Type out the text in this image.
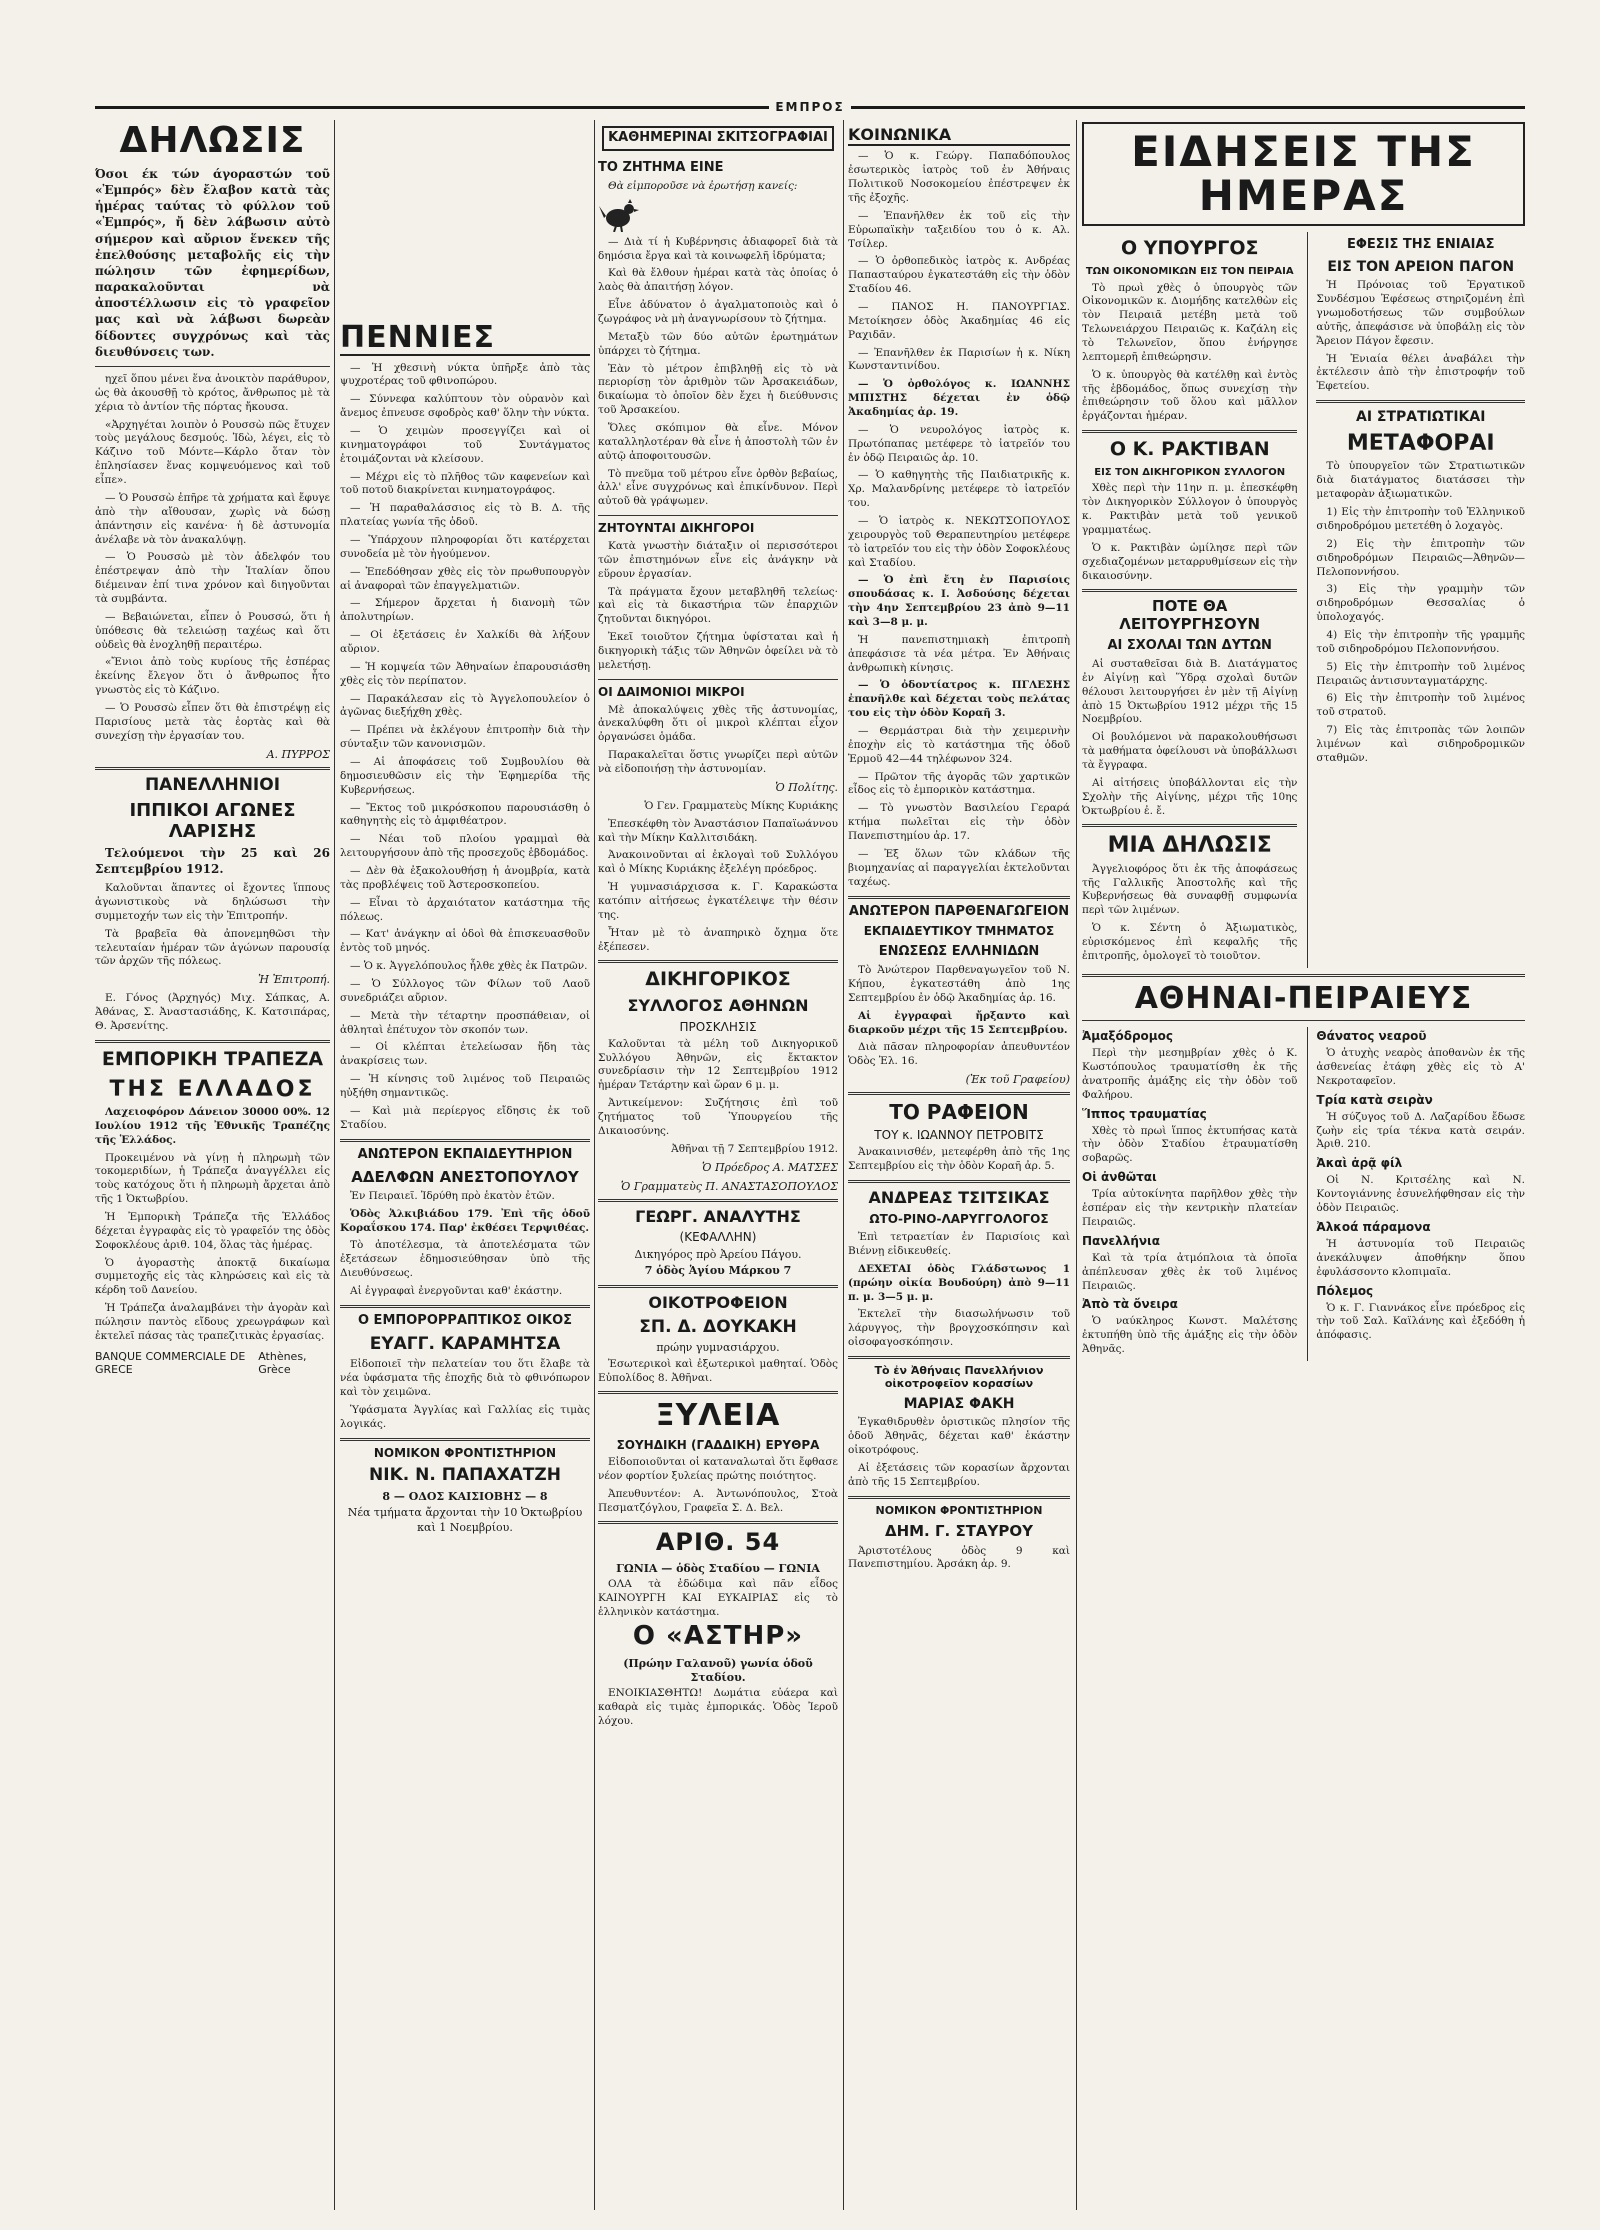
ΕΜΠΡΟΣ
ΔΗΛΩΣΙΣ
Όσοι έκ τών άγοραστών τοῦ «Ἐμπρός» δὲν ἔλαβον κατὰ τὰς ἡμέρας ταύτας τὸ φύλλον τοῦ «Ἐμπρός», ἤ δὲν λάβωσιν αὐτὸ σήμερον καὶ αὔριον ἕνεκεν τῆς ἐπελθούσης μεταβολῆς εἰς τὴν πώλησιν τῶν ἐφημερίδων, παρακαλοῦνται νὰ ἀποστέλλωσιν εἰς τὸ γραφεῖον μας καὶ νὰ λάβωσι δωρεὰν δίδοντες συγχρόνως καὶ τὰς διευθύνσεις των.

ηχεῖ ὅπου μένει ἕνα ἀνοικτὸν παράθυρον, ὡς θὰ ἀκουσθῇ τὸ κρότος, ἄνθρωπος μὲ τὰ χέρια τὸ ἀντίον τῆς πόρτας ἤκουσα.

«Ἀρχηγέται λοιπὸν ὁ Ρουσσὼ πῶς ἔτυχεν τοὺς μεγάλους δεσμούς. Ἰδὼ, λέγει, εἰς τὸ Κάζινο τοῦ Μόντε—Κάρλο ὅταν τὸν ἐπλησίασεν ἕνας κομψευόμενος καὶ τοῦ εἶπε».

— Ὁ Ρουσσὼ ἐπῆρε τὰ χρήματα καὶ ἔφυγε ἀπὸ τὴν αἴθουσαν, χωρὶς νὰ δώσῃ ἀπάντησιν εἰς κανένα· ἡ δὲ ἀστυνομία ἀνέλαβε νὰ τὸν ἀνακαλύψῃ.

— Ὁ Ρουσσὼ μὲ τὸν ἀδελφόν του ἐπέστρεψαν ἀπὸ τὴν Ἰταλίαν ὅπου διέμειναν ἐπί τινα χρόνον καὶ διηγοῦνται τὰ συμβάντα.

— Βεβαιώνεται, εἶπεν ὁ Ρουσσώ, ὅτι ἡ ὑπόθεσις θὰ τελειώσῃ ταχέως καὶ ὅτι οὐδεὶς θὰ ἐνοχληθῇ περαιτέρω.

«Ἔνιοι ἀπὸ τοὺς κυρίους τῆς ἑσπέρας ἐκείνης ἔλεγον ὅτι ὁ ἄνθρωπος ἦτο γνωστὸς εἰς τὸ Κάζινο.

— Ὁ Ρουσσὼ εἶπεν ὅτι θὰ ἐπιστρέψῃ εἰς Παρισίους μετὰ τὰς ἑορτὰς καὶ θὰ συνεχίσῃ τὴν ἐργασίαν του.

Α. ΠΥΡΡΟΣ
ΠΑΝΕΛΛΗΝΙΟΙ
ΙΠΠΙΚΟΙ ΑΓΩΝΕΣ ΛΑΡΙΣΗΣ

Τελούμενοι τὴν 25 καὶ 26 Σεπτεμβρίου 1912.

Καλοῦνται ἅπαντες οἱ ἔχοντες ἵππους ἀγωνιστικοὺς νὰ δηλώσωσι τὴν συμμετοχήν των εἰς τὴν Ἐπιτροπήν.

Τὰ βραβεῖα θὰ ἀπονεμηθῶσι τὴν τελευταίαν ἡμέραν τῶν ἀγώνων παρουσίᾳ τῶν ἀρχῶν τῆς πόλεως.

Ἡ Ἐπιτροπή.

Ε. Γόνος (Ἀρχηγός) Μιχ. Σάπκας, Α. Ἀθάνας, Σ. Ἀναστασιάδης, Κ. Κατσιπάρας, Θ. Ἀρσενίτης.

ΕΜΠΟΡΙΚΗ ΤΡΑΠΕΖΑ
ΤΗΣ ΕΛΛΑΔΟΣ

Λαχειοφόρον Δάνειον 30000 00%. 12 Ιουλίου 1912 τῆς Ἐθνικῆς Τραπέζης τῆς Ἑλλάδος.

Προκειμένου νὰ γίνῃ ἡ πληρωμὴ τῶν τοκομεριδίων, ἡ Τράπεζα ἀναγγέλλει εἰς τοὺς κατόχους ὅτι ἡ πληρωμὴ ἄρχεται ἀπὸ τῆς 1 Ὀκτωβρίου.

Ἡ Ἐμπορικὴ Τράπεζα τῆς Ἑλλάδος δέχεται ἐγγραφὰς εἰς τὸ γραφεῖόν της ὁδὸς Σοφοκλέους ἀριθ. 104, ὅλας τὰς ἡμέρας.

Ὁ ἀγοραστὴς ἀποκτᾷ δικαίωμα συμμετοχῆς εἰς τὰς κληρώσεις καὶ εἰς τὰ κέρδη τοῦ Δανείου.

Ἡ Τράπεζα ἀναλαμβάνει τὴν ἀγορὰν καὶ πώλησιν παντὸς εἴδους χρεωγράφων καὶ ἐκτελεῖ πάσας τὰς τραπεζιτικὰς ἐργασίας.

BANQUE COMMERCIALE DE GRECE
Athènes, Grèce
ΠΕΝΝΙΕΣ

— Ἡ χθεσινὴ νύκτα ὑπῆρξε ἀπὸ τὰς ψυχροτέρας τοῦ φθινοπώρου.

— Σύννεφα καλύπτουν τὸν οὐρανὸν καὶ ἄνεμος ἐπνευσε σφοδρὸς καθ' ὅλην τὴν νύκτα.

— Ὁ χειμὼν προσεγγίζει καὶ οἱ κινηματογράφοι τοῦ Συντάγματος ἑτοιμάζονται νὰ κλείσουν.

— Μέχρι εἰς τὸ πλῆθος τῶν καφενείων καὶ τοῦ ποτοῦ διακρίνεται κινηματογράφος.

— Ἡ παραθαλάσσιος εἰς τὸ Β. Δ. τῆς πλατείας γωνία τῆς ὁδοῦ.

— Ὑπάρχουν πληροφορίαι ὅτι κατέρχεται συνοδεία μὲ τὸν ἡγούμενον.

— Ἐπεδόθησαν χθὲς εἰς τὸν πρωθυπουργὸν αἱ ἀναφοραὶ τῶν ἐπαγγελματιῶν.

— Σήμερον ἄρχεται ἡ διανομὴ τῶν ἀπολυτηρίων.

— Οἱ ἐξετάσεις ἐν Χαλκίδι θὰ λήξουν αὔριον.

— Ἡ κομψεία τῶν Ἀθηναίων ἐπαρουσιάσθη χθὲς εἰς τὸν περίπατον.

— Παρακάλεσαν εἰς τὸ Ἀγγελοπουλείον ὁ ἀγῶνας διεξήχθη χθὲς.

— Πρέπει νὰ ἐκλέγουν ἐπιτροπὴν διὰ τὴν σύνταξιν τῶν κανονισμῶν.

— Αἱ ἀποφάσεις τοῦ Συμβουλίου θὰ δημοσιευθῶσιν εἰς τὴν Ἐφημερίδα τῆς Κυβερνήσεως.

— Ἔκτος τοῦ μικρόσκοπου παρουσιάσθη ὁ καθηγητὴς εἰς τὸ ἀμφιθέατρον.

— Νέαι τοῦ πλοίου γραμμαὶ θὰ λειτουργήσουν ἀπὸ τῆς προσεχοῦς ἑβδομάδος.

— Δὲν θὰ ἐξακολουθήσῃ ἡ ἀνομβρία, κατὰ τὰς προβλέψεις τοῦ Ἀστεροσκοπείου.

— Εἶναι τὸ ἀρχαιότατον κατάστημα τῆς πόλεως.

— Κατ' ἀνάγκην αἱ ὁδοὶ θὰ ἐπισκευασθοῦν ἐντὸς τοῦ μηνός.

— Ὁ κ. Ἀγγελόπουλος ἦλθε χθὲς ἐκ Πατρῶν.

— Ὁ Σύλλογος τῶν Φίλων τοῦ Λαοῦ συνεδριάζει αὔριον.

— Μετὰ τὴν τέταρτην προσπάθειαν, οἱ ἀθληταὶ ἐπέτυχον τὸν σκοπόν των.

— Οἱ κλέπται ἐτελείωσαν ἤδη τὰς ἀνακρίσεις των.

— Ἡ κίνησις τοῦ λιμένος τοῦ Πειραιῶς ηὐξήθη σημαντικῶς.

— Καὶ μιὰ περίεργος εἴδησις ἐκ τοῦ Σταδίου.

ΑΝΩΤΕΡΟΝ ΕΚΠΑΙΔΕΥΤΗΡΙΟΝ
ΑΔΕΛΦΩΝ ΑΝΕΣΤΟΠΟΥΛΟΥ

Ἐν Πειραιεῖ. Ἱδρύθη πρὸ ἑκατὸν ἐτῶν.

Ὁδὸς Ἀλκιβιάδου 179. Ἐπὶ τῆς ὁδοῦ Κοραΐσκου 174. Παρ' ἐκθέσει Τερψιθέας.

Τὸ ἀποτέλεσμα, τὰ ἀποτελέσματα τῶν ἐξετάσεων ἐδημοσιεύθησαν ὑπὸ τῆς Διευθύνσεως.

Αἱ ἐγγραφαὶ ἐνεργοῦνται καθ' ἑκάστην.

Ο ΕΜΠΟΡΟΡΡΑΠΤΙΚΟΣ ΟΙΚΟΣ
ΕΥΑΓΓ. ΚΑΡΑΜΗΤΣΑ

Εἰδοποιεῖ τὴν πελατείαν του ὅτι ἔλαβε τὰ νέα ὑφάσματα τῆς ἐποχῆς διὰ τὸ φθινόπωρον καὶ τὸν χειμῶνα.

Ὑφάσματα Ἀγγλίας καὶ Γαλλίας εἰς τιμὰς λογικάς.

ΝΟΜΙΚΟΝ ΦΡΟΝΤΙΣΤΗΡΙΟΝ
NIK. Ν. ΠΑΠΑΧΑΤΖΗ

8 — ΟΔΟΣ ΚΑΙΣΙΟΒΗΣ — 8

Νέα τμήματα ἄρχονται τὴν 10 Ὀκτωβρίου καὶ 1 Νοεμβρίου.

ΚΑΘΗΜΕΡΙΝΑΙ ΣΚΙΤΣΟΓΡΑΦΙΑΙ
ΤΟ ΖΗΤΗΜΑ ΕΙΝΕ

Θὰ εἰμποροῦσε νὰ ἐρωτήσῃ κανείς:

— Διὰ τί ἡ Κυβέρνησις ἀδιαφορεῖ διὰ τὰ δημόσια ἔργα καὶ τὰ κοινωφελῆ ἱδρύματα;

Καὶ θὰ ἔλθουν ἡμέραι κατὰ τὰς ὁποίας ὁ λαὸς θὰ ἀπαιτήσῃ λόγον.

Εἶνε ἀδύνατον ὁ ἀγαλματοποιὸς καὶ ὁ ζωγράφος νὰ μὴ ἀναγνωρίσουν τὸ ζήτημα.

Μεταξὺ τῶν δύο αὐτῶν ἐρωτημάτων ὑπάρχει τὸ ζήτημα.

Ἐὰν τὸ μέτρον ἐπιβληθῇ εἰς τὸ νὰ περιορίσῃ τὸν ἀριθμὸν τῶν Ἀρσακειάδων, δικαίωμα τὸ ὁποῖον δὲν ἔχει ἡ διεύθυνσις τοῦ Ἀρσακείου.

Ὅλες σκόπιμον θὰ εἶνε. Μόνον καταλληλοτέραν θὰ εἶνε ἡ ἀποστολὴ τῶν ἐν αὐτῷ ἀποφοιτουσῶν.

Τὸ πνεῦμα τοῦ μέτρου εἶνε ὀρθὸν βεβαίως, ἀλλ' εἶνε συγχρόνως καὶ ἐπικίνδυνον. Περὶ αὐτοῦ θὰ γράψωμεν.

ΖΗΤΟΥΝΤΑΙ ΔΙΚΗΓΟΡΟΙ

Κατὰ γνωστὴν διάταξιν οἱ περισσότεροι τῶν ἐπιστημόνων εἶνε εἰς ἀνάγκην νὰ εὕρουν ἐργασίαν.

Τὰ πράγματα ἔχουν μεταβληθῆ τελείως· καὶ εἰς τὰ δικαστήρια τῶν ἐπαρχιῶν ζητοῦνται δικηγόροι.

Ἐκεῖ τοιοῦτον ζήτημα ὑφίσταται καὶ ἡ δικηγορικὴ τάξις τῶν Ἀθηνῶν ὀφείλει νὰ τὸ μελετήσῃ.

ΟΙ ΔΑΙΜΟΝΙΟΙ ΜΙΚΡΟΙ

Μὲ ἀποκαλύψεις χθὲς τῆς ἀστυνομίας, ἀνεκαλύφθη ὅτι οἱ μικροὶ κλέπται εἶχον ὀργανώσει ὁμάδα.

Παρακαλεῖται ὅστις γνωρίζει περὶ αὐτῶν νὰ εἰδοποιήσῃ τὴν ἀστυνομίαν.

Ὁ Πολίτης.

Ὁ Γεν. Γραμματεὺς Μίκης Κυριάκης

Ἐπεσκέφθη τὸν Ἀναστάσιον Παπαϊωάννου καὶ τὴν Μίκην Καλλιτσιδάκη.

Ἀνακοινοῦνται αἱ ἐκλογαὶ τοῦ Συλλόγου καὶ ὁ Μίκης Κυριάκης ἐξελέγη πρόεδρος.

Ἡ γυμνασιάρχισσα κ. Γ. Καρακώστα κατόπιν αἰτήσεως ἐγκατέλειψε τὴν θέσιν της.

Ἦταν μὲ τὸ ἀναπηρικὸ ὄχημα ὅτε ἐξέπεσεν.

ΔΙΚΗΓΟΡΙΚΟΣ
ΣΥΛΛΟΓΟΣ ΑΘΗΝΩΝ
ΠΡΟΣΚΛΗΣΙΣ

Καλοῦνται τὰ μέλη τοῦ Δικηγορικοῦ Συλλόγου Ἀθηνῶν, εἰς ἔκτακτον συνεδρίασιν τὴν 12 Σεπτεμβρίου 1912 ἡμέραν Τετάρτην καὶ ὥραν 6 μ. μ.

Ἀντικείμενον: Συζήτησις ἐπὶ τοῦ ζητήματος τοῦ Ὑπουργείου τῆς Δικαιοσύνης.

Ἀθῆναι τῇ 7 Σεπτεμβρίου 1912.

Ὁ Πρόεδρος Α. ΜΑΤΣΕΣ
Ὁ Γραμματεὺς Π. ΑΝΑΣΤΑΣΟΠΟΥΛΟΣ
ΓΕΩΡΓ. ΑΝΑΛΥΤΗΣ
(ΚΕΦΑΛΛΗΝ)

Δικηγόρος πρὸ Ἀρείου Πάγου.

7 ὁδὸς Ἁγίου Μάρκου 7

ΟΙΚΟΤΡΟΦΕΙΟΝ
ΣΠ. Δ. ΔΟΥΚΑΚΗ

πρώην γυμνασιάρχου.

Ἐσωτερικοὶ καὶ ἐξωτερικοὶ μαθηταί. Ὁδὸς Εὐπολίδος 8. Ἀθῆναι.

ΞΥΛΕΙΑ
ΣΟΥΗΔΙΚΗ (ΓΑΔΔΙΚΗ) ΕΡΥΘΡΑ

Εἰδοποιοῦνται οἱ καταναλωταὶ ὅτι ἔφθασε νέον φορτίον ξυλείας πρώτης ποιότητος.

Ἀπευθυντέον: Α. Ἀντωνόπουλος, Στοὰ Πεσματζόγλου, Γραφεῖα Σ. Δ. Βελ.

ΑΡΙΘ. 54

ΓΩΝΙΑ — ὁδὸς Σταδίου — ΓΩΝΙΑ

ΟΛΑ τὰ ἐδώδιμα καὶ πᾶν εἶδος ΚΑΙΝΟΥΡΓΗ ΚΑΙ ΕΥΚΑΙΡΙΑΣ εἰς τὸ ἑλληνικὸν κατάστημα.

Ο «ΑΣΤΗΡ»

(Πρώην Γαλανοῦ) γωνία ὁδοῦ Σταδίου.

ΕΝΟΙΚΙΑΣΘΗΤΩ! Δωμάτια εὐάερα καὶ καθαρὰ εἰς τιμὰς ἐμπορικάς. Ὁδὸς Ἰεροῦ λόχου.

ΚΟΙΝΩΝΙΚΑ

— Ὁ κ. Γεώργ. Παπαδόπουλος ἐσωτερικὸς ἰατρὸς τοῦ ἐν Ἀθήναις Πολιτικοῦ Νοσοκομείου ἐπέστρεψεν ἐκ τῆς ἐξοχῆς.

— Ἐπανῆλθεν ἐκ τοῦ εἰς τὴν Εὐρωπαϊκὴν ταξειδίου του ὁ κ. Αλ. Τσίλερ.

— Ὁ ὀρθοπεδικὸς ἰατρὸς κ. Ανδρέας Παπασταύρου ἐγκατεστάθη εἰς τὴν ὁδὸν Σταδίου 46.

— ΠΑΝΟΣ Η. ΠΑΝΟΥΡΓΙΑΣ. Μετοίκησεν ὁδὸς Ἀκαδημίας 46 εἰς Ραχιδᾶν.

— Ἐπανῆλθεν ἐκ Παρισίων ἡ κ. Νίκη Κωνσταντινίδου.

— Ὁ ὀρθολόγος κ. ΙΩΑΝΝΗΣ ΜΠΙΣΤΗΣ δέχεται ἐν ὁδῷ Ἀκαδημίας ἀρ. 19.

— Ὁ νευρολόγος ἰατρὸς κ. Πρωτόπαπας μετέφερε τὸ ἰατρεῖόν του ἐν ὁδῷ Πειραιῶς ἀρ. 10.

— Ὁ καθηγητὴς τῆς Παιδιατρικῆς κ. Χρ. Μαλανδρίνης μετέφερε τὸ ἰατρεῖόν του.

— Ὁ ἰατρὸς κ. ΝΕΚΩΤΣΟΠΟΥΛΟΣ χειρουργὸς τοῦ Θεραπευτηρίου μετέφερε τὸ ἰατρεῖόν του εἰς τὴν ὁδὸν Σοφοκλέους καὶ Σταδίου.

— Ὁ ἐπὶ ἔτη ἐν Παρισίοις σπουδάσας κ. Ι. Ἀσδούσης δέχεται τὴν 4ην Σεπτεμβρίου 23 ἀπὸ 9—11 καὶ 3—8 μ. μ.

Ἡ πανεπιστημιακὴ ἐπιτροπὴ ἀπεφάσισε τὰ νέα μέτρα. Ἐν Ἀθήναις ἀνθρωπικὴ κίνησις.

— Ὁ ὀδοντίατρος κ. ΠΓΛΕΣΗΣ ἐπανῆλθε καὶ δέχεται τοὺς πελάτας του εἰς τὴν ὁδὸν Κοραῆ 3.

— Θερμάστραι διὰ τὴν χειμερινὴν ἐποχὴν εἰς τὸ κατάστημα τῆς ὁδοῦ Ἑρμοῦ 42—44 τηλέφωνον 324.

— Πρῶτον τῆς ἀγορᾶς τῶν χαρτικῶν εἶδος εἰς τὸ ἐμπορικὸν κατάστημα.

— Τὸ γνωστὸν Βασιλείου Γεραρά κτήμα πωλεῖται εἰς τὴν ὁδὸν Πανεπιστημίου ἀρ. 17.

— Ἐξ ὅλων τῶν κλάδων τῆς βιομηχανίας αἱ παραγγελίαι ἐκτελοῦνται ταχέως.

ΑΝΩΤΕΡΟΝ ΠΑΡΘΕΝΑΓΩΓΕΙΟΝ
ΕΚΠΑΙΔΕΥΤΙΚΟΥ ΤΜΗΜΑΤΟΣ
ΕΝΩΣΕΩΣ ΕΛΛΗΝΙΔΩΝ

Τὸ Ἀνώτερον Παρθεναγωγεῖον τοῦ Ν. Κήπου, ἐγκατεστάθη ἀπὸ 1ης Σεπτεμβρίου ἐν ὁδῷ Ἀκαδημίας ἀρ. 16.

Αἱ ἐγγραφαὶ ἤρξαντο καὶ διαρκοῦν μέχρι τῆς 15 Σεπτεμβρίου.

Διὰ πᾶσαν πληροφορίαν ἀπευθυντέον Ὁδὸς Ἐλ. 16.

(Ἐκ τοῦ Γραφείου)
ΤΟ ΡΑΦΕΙΟΝ
ΤΟΥ κ. ΙΩΑΝΝΟΥ ΠΕΤΡΟΒΙΤΣ

Ἀνακαινισθέν, μετεφέρθη ἀπὸ τῆς 1ης Σεπτεμβρίου εἰς τὴν ὁδὸν Κοραῆ ἀρ. 5.

ΑΝΔΡΕΑΣ ΤΣΙΤΣΙΚΑΣ
ΩΤΟ-ΡΙΝΟ-ΛΑΡΥΓΓΟΛΟΓΟΣ

Ἐπὶ τετραετίαν ἐν Παρισίοις καὶ Βιέννῃ εἰδικευθείς.

ΔΕΧΕΤΑΙ ὁδὸς Γλάδστωνος 1 (πρώην οἰκία Βουδούρη) ἀπὸ 9—11 π. μ. 3—5 μ. μ.

Ἐκτελεῖ τὴν διασωλήνωσιν τοῦ λάρυγγος, τὴν βρογχοσκόπησιν καὶ οἰσοφαγοσκόπησιν.

Τὸ ἐν Ἀθήναις Πανελλήνιον οἰκοτροφεῖον κορασίων
ΜΑΡΙΑΣ ΦΑΚΗ

Ἐγκαθιδρυθὲν ὁριστικῶς πλησίον τῆς ὁδοῦ Ἀθηνᾶς, δέχεται καθ' ἑκάστην οἰκοτρόφους.

Αἱ ἐξετάσεις τῶν κορασίων ἄρχονται ἀπὸ τῆς 15 Σεπτεμβρίου.

ΝΟΜΙΚΟΝ ΦΡΟΝΤΙΣΤΗΡΙΟΝ
ΔΗΜ. Γ. ΣΤΑΥΡΟΥ

Ἀριστοτέλους ὁδὸς 9 καὶ Πανεπιστημίου. Ἀρσάκη ἀρ. 9.

ΕΙΔΗΣΕΙΣ ΤΗΣ ΗΜΕΡΑΣ
Ο ΥΠΟΥΡΓΟΣ
ΤΩΝ ΟΙΚΟΝΟΜΙΚΩΝ ΕΙΣ ΤΟΝ ΠΕΙΡΑΙΑ

Τὸ πρωὶ χθὲς ὁ ὑπουργὸς τῶν Οἰκονομικῶν κ. Διομήδης κατελθὼν εἰς τὸν Πειραιᾶ μετέβη μετὰ τοῦ Τελωνειάρχου Πειραιῶς κ. Καζάλη εἰς τὸ Τελωνεῖον, ὅπου ἐνήργησε λεπτομερῆ ἐπιθεώρησιν.

Ὁ κ. ὑπουργὸς θὰ κατέλθῃ καὶ ἐντὸς τῆς ἑβδομάδος, ὅπως συνεχίσῃ τὴν ἐπιθεώρησιν τοῦ ὅλου καὶ μᾶλλον ἐργάζονται ἡμέραν.

Ο Κ. ΡΑΚΤΙΒΑΝ
ΕΙΣ ΤΟΝ ΔΙΚΗΓΟΡΙΚΟΝ ΣΥΛΛΟΓΟΝ

Χθὲς περὶ τὴν 11ην π. μ. ἐπεσκέφθη τὸν Δικηγορικὸν Σύλλογον ὁ ὑπουργὸς κ. Ρακτιβὰν μετὰ τοῦ γενικοῦ γραμματέως.

Ὁ κ. Ρακτιβὰν ὡμίλησε περὶ τῶν σχεδιαζομένων μεταρρυθμίσεων εἰς τὴν δικαιοσύνην.

ΠΟΤΕ ΘΑ ΛΕΙΤΟΥΡΓΗΣΟΥΝ
ΑΙ ΣΧΟΛΑΙ ΤΩΝ ΔΥΤΩΝ

Αἱ συσταθεῖσαι διὰ Β. Διατάγματος ἐν Αἰγίνῃ καὶ Ὕδρᾳ σχολαὶ δυτῶν θέλουσι λειτουργήσει ἐν μὲν τῇ Αἰγίνῃ ἀπὸ 15 Ὀκτωβρίου 1912 μέχρι τῆς 15 Νοεμβρίου.

Οἱ βουλόμενοι νὰ παρακολουθήσωσι τὰ μαθήματα ὀφείλουσι νὰ ὑποβάλλωσι τὰ ἔγγραφα.

Αἱ αἰτήσεις ὑποβάλλονται εἰς τὴν Σχολὴν τῆς Αἰγίνης, μέχρι τῆς 10ης Ὀκτωβρίου ἐ. ἔ.

ΜΙΑ ΔΗΛΩΣΙΣ

Ἀγγελιοφόρος ὅτι ἐκ τῆς ἀποφάσεως τῆς Γαλλικῆς Ἀποστολῆς καὶ τῆς Κυβερνήσεως θὰ συναφθῇ συμφωνία περὶ τῶν λιμένων.

Ὁ κ. Σέντη ὁ Ἀξιωματικὸς, εὑρισκόμενος ἐπὶ κεφαλῆς τῆς ἐπιτροπῆς, ὁμολογεῖ τὸ τοιοῦτον.

ΕΦΕΣΙΣ ΤΗΣ ΕΝΙΑΙΑΣ
ΕΙΣ ΤΟΝ ΑΡΕΙΟΝ ΠΑΓΟΝ

Ἡ Πρόνοιας τοῦ Ἐργατικοῦ Συνδέσμου Ἐφέσεως στηριζομένη ἐπὶ γνωμοδοτήσεως τῶν συμβούλων αὐτῆς, ἀπεφάσισε νὰ ὑποβάλῃ εἰς τὸν Ἄρειον Πάγον ἔφεσιν.

Ἡ Ἐνιαία θέλει ἀναβάλει τὴν ἐκτέλεσιν ἀπὸ τὴν ἐπιστροφήν τοῦ Ἐφετείου.

ΑΙ ΣΤΡΑΤΙΩΤΙΚΑΙ
ΜΕΤΑΦΟΡΑΙ

Τὸ ὑπουργεῖον τῶν Στρατιωτικῶν διὰ διατάγματος διατάσσει τὴν μεταφορὰν ἀξιωματικῶν.

1) Εἰς τὴν ἐπιτροπὴν τοῦ Ἑλληνικοῦ σιδηροδρόμου μετετέθη ὁ λοχαγὸς.

2) Εἰς τὴν ἐπιτροπὴν τῶν σιδηροδρόμων Πειραιῶς—Ἀθηνῶν—Πελοποννήσου.

3) Εἰς τὴν γραμμὴν τῶν σιδηροδρόμων Θεσσαλίας ὁ ὑπολοχαγός.

4) Εἰς τὴν ἐπιτροπὴν τῆς γραμμῆς τοῦ σιδηροδρόμου Πελοποννήσου.

5) Εἰς τὴν ἐπιτροπὴν τοῦ λιμένος Πειραιῶς ἀντισυνταγματάρχης.

6) Εἰς τὴν ἐπιτροπὴν τοῦ λιμένος τοῦ στρατοῦ.

7) Εἰς τὰς ἐπιτροπὰς τῶν λοιπῶν λιμένων καὶ σιδηροδρομικῶν σταθμῶν.

ΑΘΗΝΑΙ-ΠΕΙΡΑΙΕΥΣ
Ἀμαξόδρομος

Περὶ τὴν μεσημβρίαν χθὲς ὁ Κ. Κωστόπουλος τραυματίσθη ἐκ τῆς ἀνατροπῆς ἁμάξης εἰς τὴν ὁδὸν τοῦ Φαλήρου.

Ἵππος τραυματίας

Χθὲς τὸ πρωὶ ἵππος ἐκτυπήσας κατὰ τὴν ὁδὸν Σταδίου ἐτραυματίσθη σοβαρῶς.

Οἱ ἀνθῶται

Τρία αὐτοκίνητα παρῆλθον χθὲς τὴν ἑσπέραν εἰς τὴν κεντρικὴν πλατείαν Πειραιῶς.

Πανελλήνια

Καὶ τὰ τρία ἀτμόπλοια τὰ ὁποῖα ἀπέπλευσαν χθὲς ἐκ τοῦ λιμένος Πειραιῶς.

Ἀπὸ τὰ ὄνειρα

Ὁ ναύκληρος Κωνστ. Μαλέτσης ἐκτυπήθη ὑπὸ τῆς ἁμάξης εἰς τὴν ὁδὸν Ἀθηνᾶς.

Θάνατος νεαροῦ

Ὁ ἀτυχὴς νεαρὸς ἀποθανὼν ἐκ τῆς ἀσθενείας ἐτάφη χθὲς εἰς τὸ Α' Νεκροταφεῖον.

Τρία κατὰ σειρὰν

Ἡ σύζυγος τοῦ Δ. Λαζαρίδου ἔδωσε ζωὴν εἰς τρία τέκνα κατὰ σειράν. Ἀριθ. 210.

Ἀκαὶ ἀρᾷ φίλ

Οἱ Ν. Κριτσέλης καὶ Ν. Κοντογιάννης ἐσυνελήφθησαν εἰς τὴν ὁδὸν Πειραιῶς.

Ἀλκοά πάραμονα

Ἡ ἀστυνομία τοῦ Πειραιῶς ἀνεκάλυψεν ἀποθήκην ὅπου ἐφυλάσσοντο κλοπιμαῖα.

Πόλεμος

Ὁ κ. Γ. Γιαννάκος εἶνε πρόεδρος εἰς τὴν τοῦ Σαλ. Καϊλάνης καὶ ἐξεδόθη ἡ ἀπόφασις.
